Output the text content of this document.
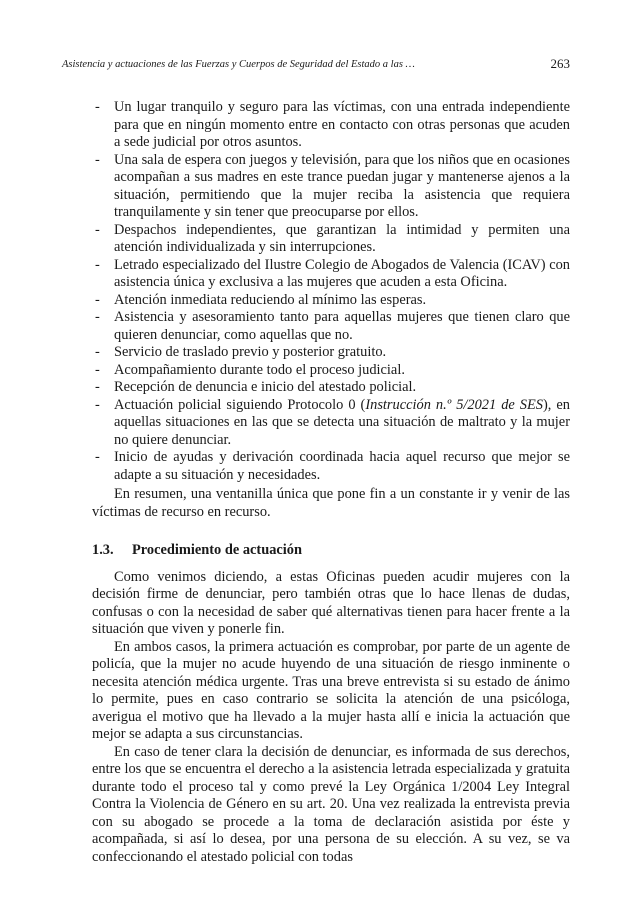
Asistencia y actuaciones de las Fuerzas y Cuerpos de Seguridad del Estado a las …	263
- Un lugar tranquilo y seguro para las víctimas, con una entrada independiente para que en ningún momento entre en contacto con otras personas que acuden a sede judicial por otros asuntos.
- Una sala de espera con juegos y televisión, para que los niños que en ocasiones acompañan a sus madres en este trance puedan jugar y mantenerse ajenos a la situación, permitiendo que la mujer reciba la asistencia que requiera tranquilamente y sin tener que preocuparse por ellos.
- Despachos independientes, que garantizan la intimidad y permiten una atención individualizada y sin interrupciones.
- Letrado especializado del Ilustre Colegio de Abogados de Valencia (ICAV) con asistencia única y exclusiva a las mujeres que acuden a esta Oficina.
- Atención inmediata reduciendo al mínimo las esperas.
- Asistencia y asesoramiento tanto para aquellas mujeres que tienen claro que quieren denunciar, como aquellas que no.
- Servicio de traslado previo y posterior gratuito.
- Acompañamiento durante todo el proceso judicial.
- Recepción de denuncia e inicio del atestado policial.
- Actuación policial siguiendo Protocolo 0 (Instrucción n.º 5/2021 de SES), en aquellas situaciones en las que se detecta una situación de maltrato y la mujer no quiere denunciar.
- Inicio de ayudas y derivación coordinada hacia aquel recurso que mejor se adapte a su situación y necesidades.

En resumen, una ventanilla única que pone fin a un constante ir y venir de las víctimas de recurso en recurso.

1.3. Procedimiento de actuación

Como venimos diciendo, a estas Oficinas pueden acudir mujeres con la decisión firme de denunciar, pero también otras que lo hace llenas de dudas, confusas o con la necesidad de saber qué alternativas tienen para hacer frente a la situación que viven y ponerle fin.

En ambos casos, la primera actuación es comprobar, por parte de un agente de policía, que la mujer no acude huyendo de una situación de riesgo inminente o necesita atención médica urgente. Tras una breve entrevista si su estado de ánimo lo permite, pues en caso contrario se solicita la atención de una psicóloga, averigua el motivo que ha llevado a la mujer hasta allí e inicia la actuación que mejor se adapta a sus circunstancias.

En caso de tener clara la decisión de denunciar, es informada de sus derechos, entre los que se encuentra el derecho a la asistencia letrada especializada y gratuita durante todo el proceso tal y como prevé la Ley Orgánica 1/2004 Ley Integral Contra la Violencia de Género en su art. 20. Una vez realizada la entrevista previa con su abogado se procede a la toma de declaración asistida por éste y acompañada, si así lo desea, por una persona de su elección. A su vez, se va confeccionando el atestado policial con todas
